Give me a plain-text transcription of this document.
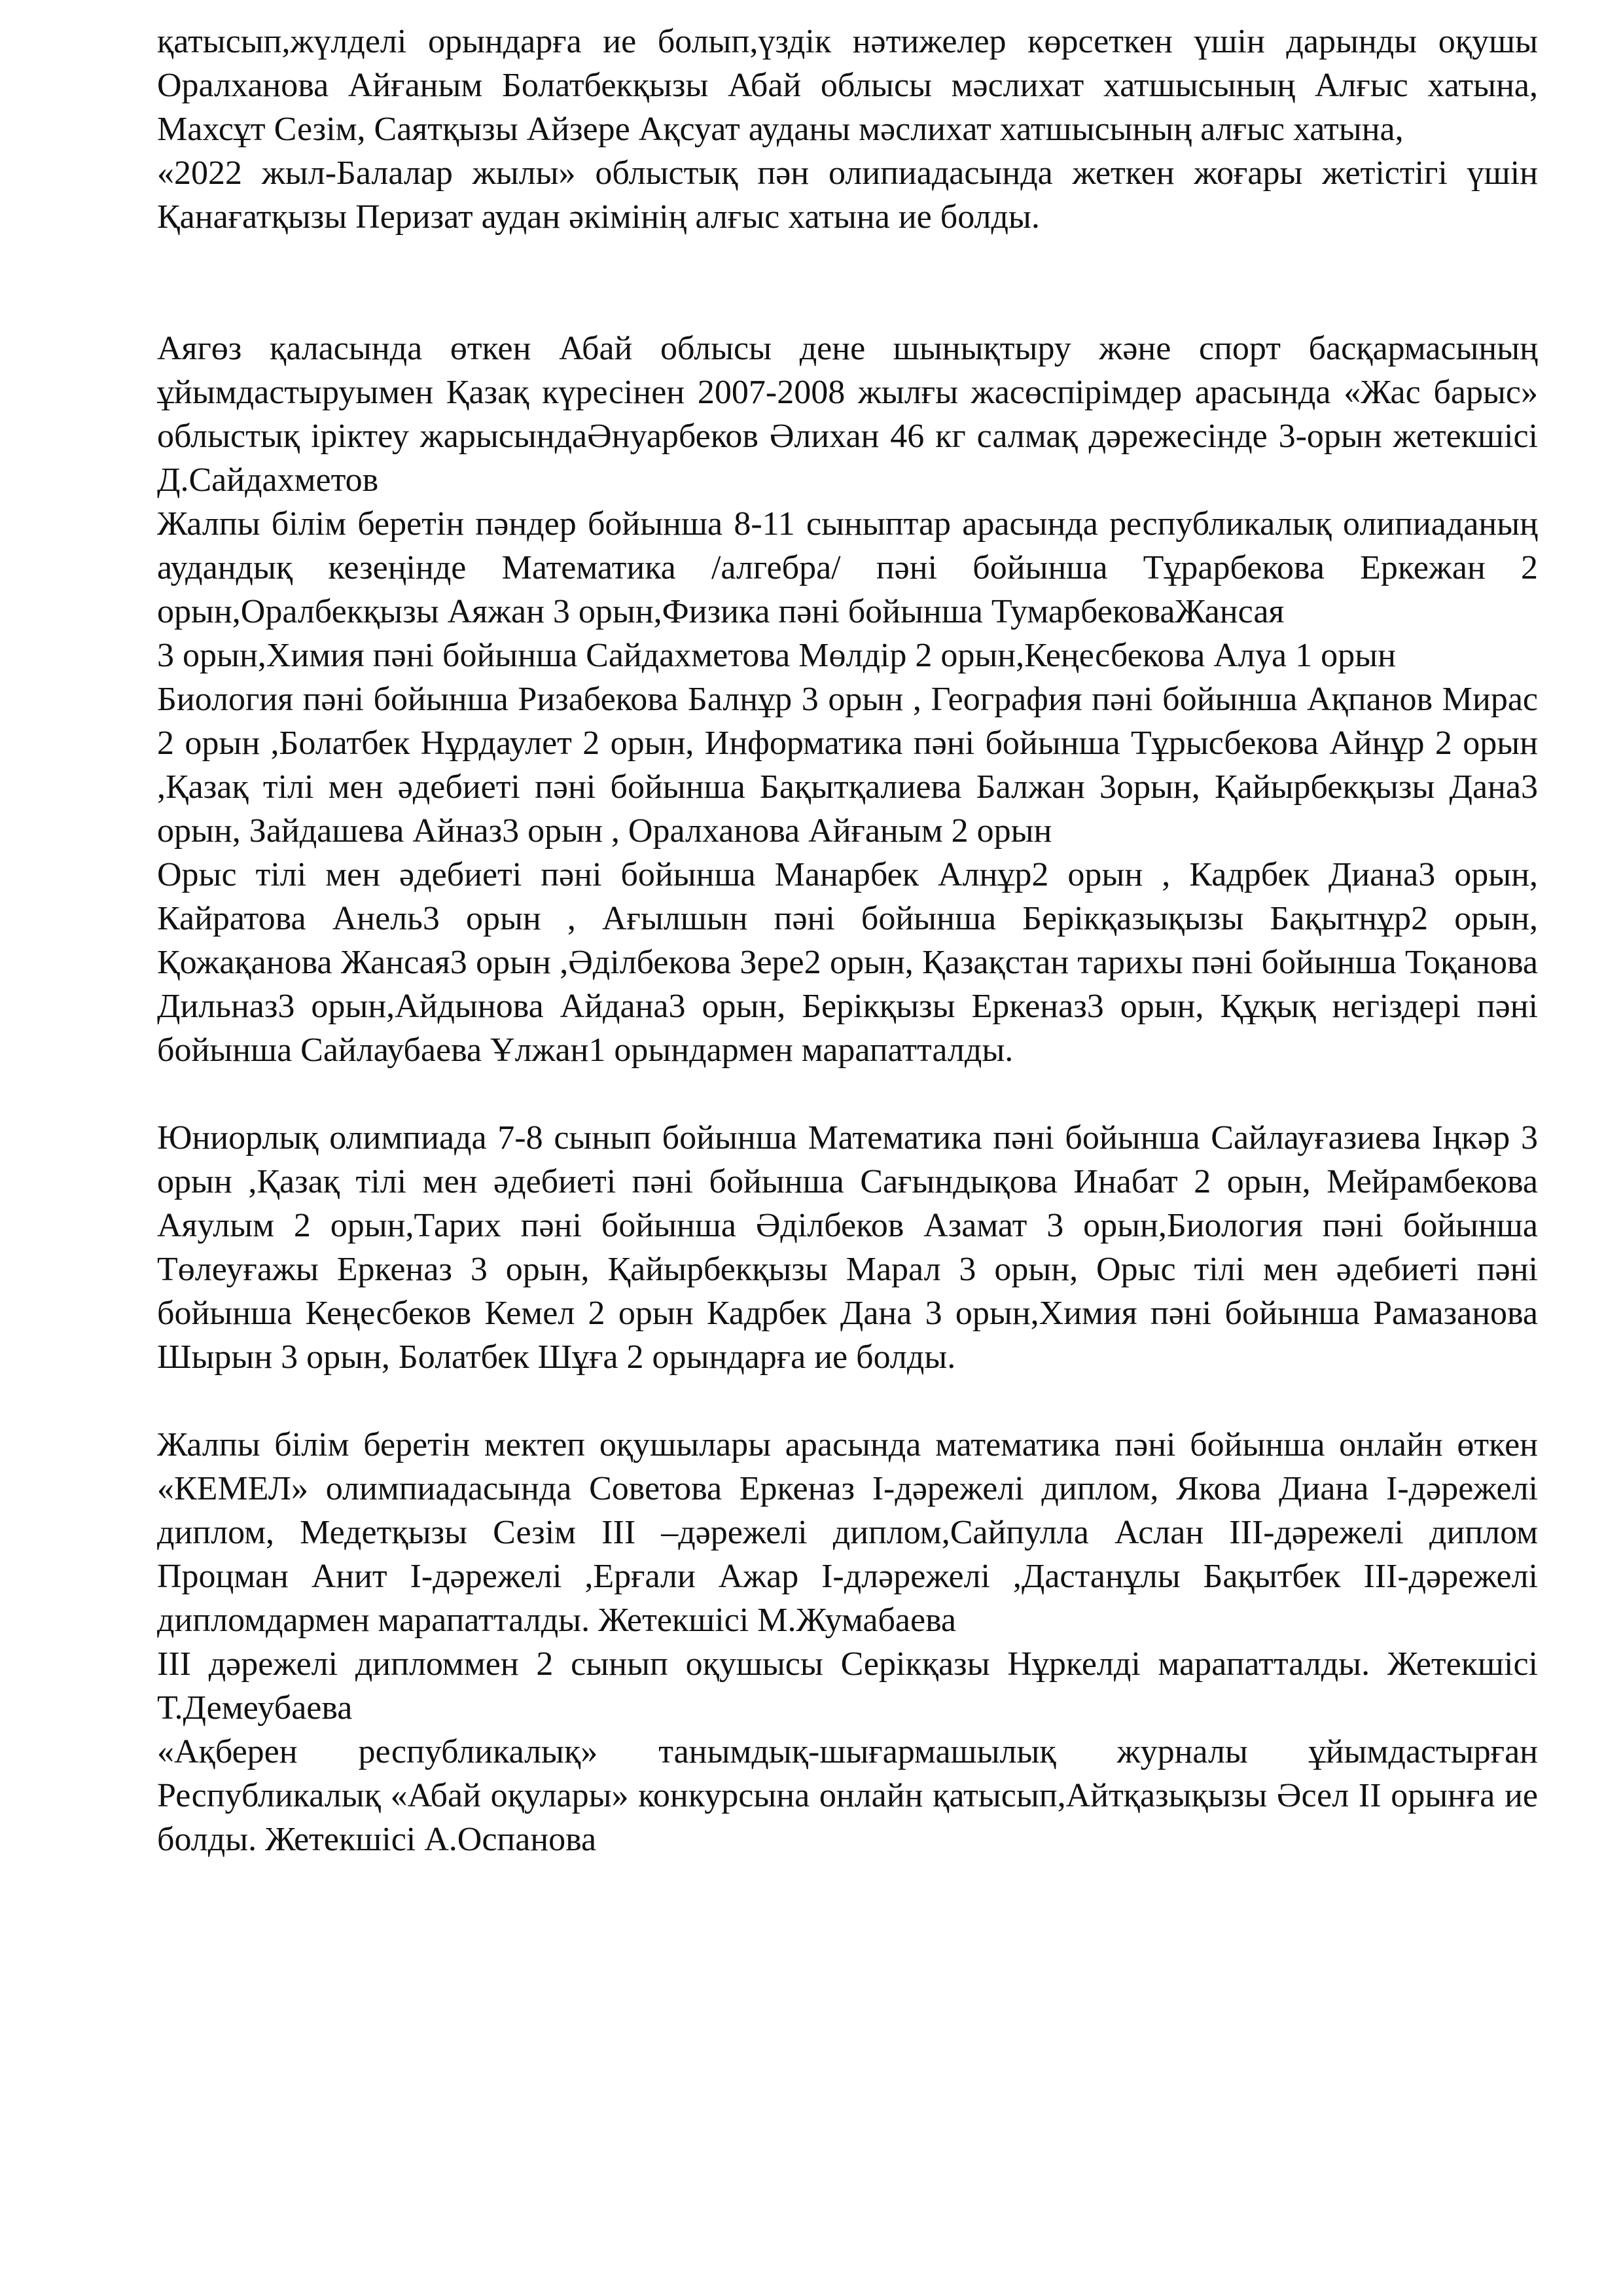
қатысып,жүлделі орындарға ие болып,үздік нәтижелер көрсеткен үшін дарынды оқушы Оралханова Айғаным Болатбекқызы Абай облысы мәслихат хатшысының Алғыс хатына, Махсұт Сезім, Саятқызы Айзере Ақсуат ауданы мәслихат хатшысының алғыс хатына,

«2022 жыл-Балалар жылы» облыстық пән олипиадасында жеткен жоғары жетістігі үшін Қанағатқызы Перизат аудан әкімінің алғыс хатына ие болды.

Аягөз қаласында өткен Абай облысы дене шынықтыру және спорт басқармасының ұйымдастыруымен Қазақ күресінен 2007-2008 жылғы жасөспірімдер арасында «Жас барыс» облыстық іріктеу жарысындаӘнуарбеков Әлихан 46 кг салмақ дәрежесінде 3-орын жетекшісі Д.Сайдахметов

Жалпы білім беретін пәндер бойынша 8-11 сыныптар арасында республикалық олипиаданың аудандық кезеңінде Математика /алгебра/ пәні бойынша Тұрарбекова Еркежан 2 орын,Оралбекқызы Аяжан 3 орын,Физика пәні бойынша ТумарбековаЖансая

3 орын,Химия пәні бойынша Сайдахметова Мөлдір 2 орын,Кеңесбекова Алуа 1 орын

Биология пәні бойынша Ризабекова Балнұр 3 орын , География пәні бойынша Ақпанов Мирас 2 орын ,Болатбек Нұрдаулет 2 орын, Информатика пәні бойынша Тұрысбекова Айнұр 2 орын ,Қазақ тілі мен әдебиеті пәні бойынша Бақытқалиева Балжан 3орын, Қайырбекқызы Дана3 орын, Зайдашева Айназ3 орын , Оралханова Айғаным 2 орын

Орыс тілі мен әдебиеті пәні бойынша Манарбек Алнұр2 орын , Кадрбек Диана3 орын, Кайратова Анель3 орын , Ағылшын пәні бойынша Берікқазықызы Бақытнұр2 орын, Қожақанова Жансая3 орын ,Әділбекова Зере2 орын, Қазақстан тарихы пәні бойынша Тоқанова Дильназ3 орын,Айдынова Айдана3 орын, Берікқызы Еркеназ3 орын, Құқық негіздері пәні бойынша Сайлаубаева Ұлжан1 орындармен марапатталды.

Юниорлық олимпиада 7-8 сынып бойынша Математика пәні бойынша Сайлауғазиева Іңкәр 3 орын ,Қазақ тілі мен әдебиеті пәні бойынша Сағындықова Инабат 2 орын, Мейрамбекова Аяулым 2 орын,Тарих пәні бойынша Әділбеков Азамат 3 орын,Биология пәні бойынша Төлеуғажы Еркеназ 3 орын, Қайырбекқызы Марал 3 орын, Орыс тілі мен әдебиеті пәні бойынша Кеңесбеков Кемел 2 орын Кадрбек Дана 3 орын,Химия пәні бойынша Рамазанова Шырын 3 орын, Болатбек Шұға 2 орындарға ие болды.

Жалпы білім беретін мектеп оқушылары арасында математика пәні бойынша онлайн өткен «КЕМЕЛ» олимпиадасында Советова Еркеназ I-дәрежелі диплом, Якова Диана I-дәрежелі диплом, Медетқызы Сезім III –дәрежелі диплом,Сайпулла Аслан III-дәрежелі диплом Процман Анит I-дәрежелі ,Ерғали Ажар I-дләрежелі ,Дастанұлы Бақытбек III-дәрежелі дипломдармен марапатталды. Жетекшісі М.Жумабаева

III дәрежелі дипломмен 2 сынып оқушысы Серікқазы Нұркелді марапатталды. Жетекшісі Т.Демеубаева

«Ақберен республикалық» танымдық-шығармашылық журналы ұйымдастырған Республикалық «Абай оқулары» конкурсына онлайн қатысып,Айтқазықызы Әсел II орынға ие болды. Жетекшісі А.Оспанова
